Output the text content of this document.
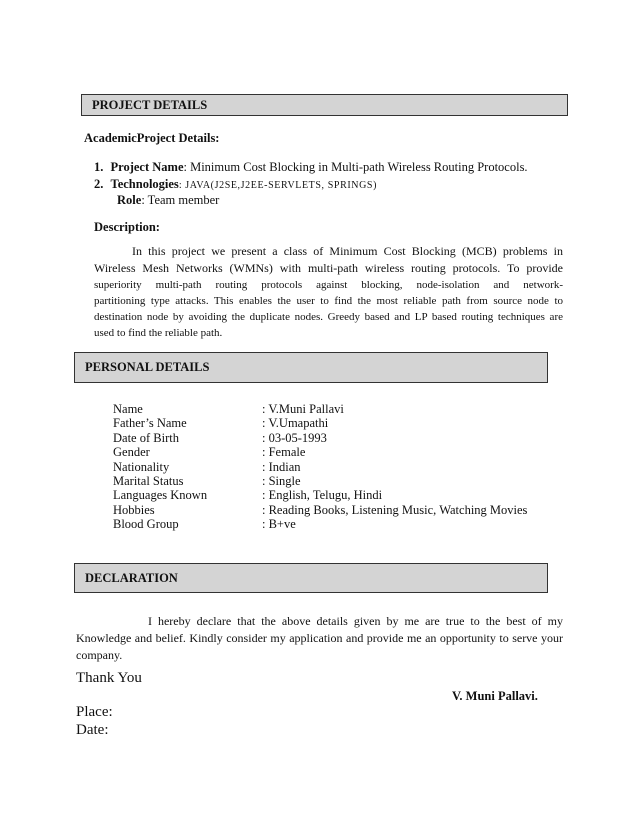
PROJECT DETAILS
AcademicProject Details:
1. Project Name: Minimum Cost Blocking in Multi-path Wireless Routing Protocols.
2. Technologies: JAVA(J2SE,J2EE-SERVLETS, SPRINGS)
Role: Team member
Description:
In this project we present a class of Minimum Cost Blocking (MCB) problems in
Wireless Mesh Networks (WMNs) with multi-path wireless routing protocols. To provide
superiority multi-path routing protocols against blocking, node-isolation and network-
partitioning type attacks. This enables the user to find the most reliable path from source node to
destination node by avoiding the duplicate nodes. Greedy based and LP based routing techniques are
used to find the reliable path.
PERSONAL DETAILS
Name	: V.Muni Pallavi
Father’s Name	: V.Umapathi
Date of Birth	: 03-05-1993
Gender	: Female
Nationality	: Indian
Marital Status	: Single
Languages Known	: English, Telugu, Hindi
Hobbies	: Reading Books, Listening Music, Watching Movies
Blood Group	: B+ve
DECLARATION
I hereby declare that the above details given by me are true to the best of my Knowledge and belief. Kindly consider my application and provide me an opportunity to serve your company.
Thank You
V. Muni Pallavi.
Place:
Date:
